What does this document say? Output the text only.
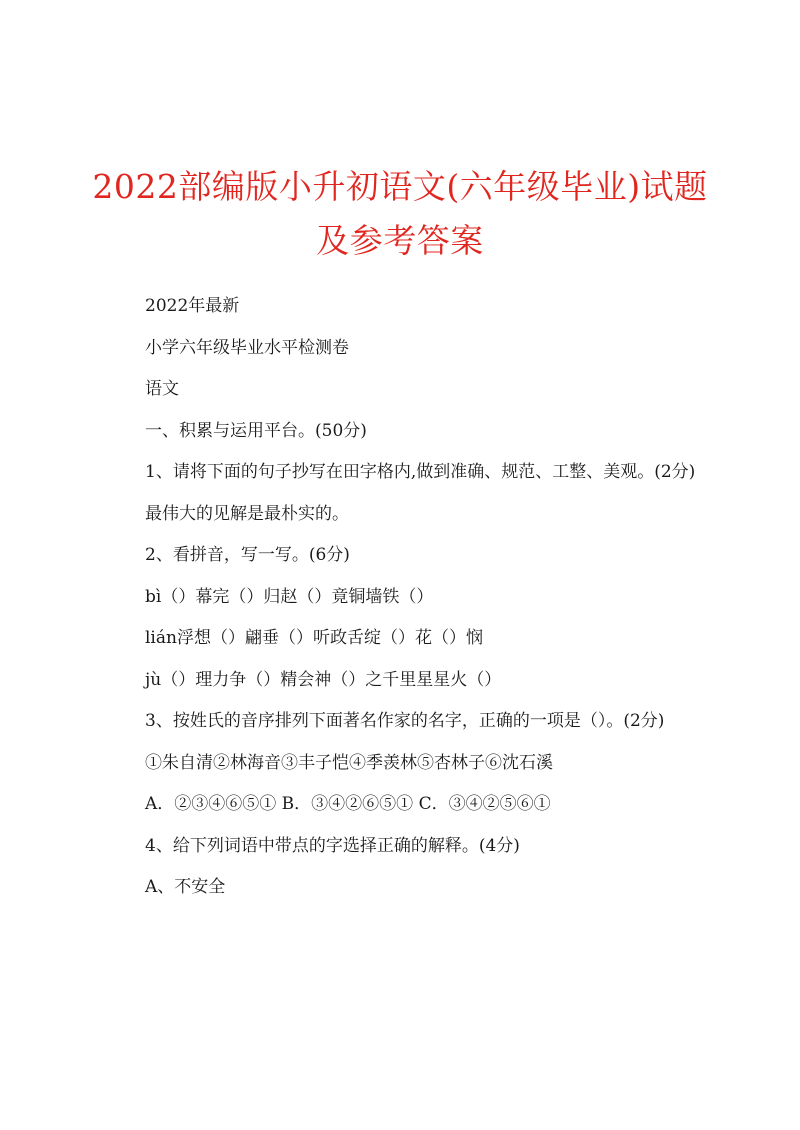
2022部编版小升初语文(六年级毕业)试题及参考答案

2022年最新

小学六年级毕业水平检测卷

语文

一、积累与运用平台。(50分)

1、请将下面的句子抄写在田字格内,做到准确、规范、工整、美观。(2分)

最伟大的见解是最朴实的。

2、看拼音，写一写。(6分)

bì（）幕完（）归赵（）竟铜墙铁（）

lián浮想（）翩垂（）听政舌绽（）花（）悯

jù（）理力争（）精会神（）之千里星星火（）

3、按姓氏的音序排列下面著名作家的名字，正确的一项是（）。(2分)

①朱自清②林海音③丰子恺④季羡林⑤杏林子⑥沈石溪

A．②③④⑥⑤① B．③④②⑥⑤① C．③④②⑤⑥①

4、给下列词语中带点的字选择正确的解释。(4分)

A、不安全
